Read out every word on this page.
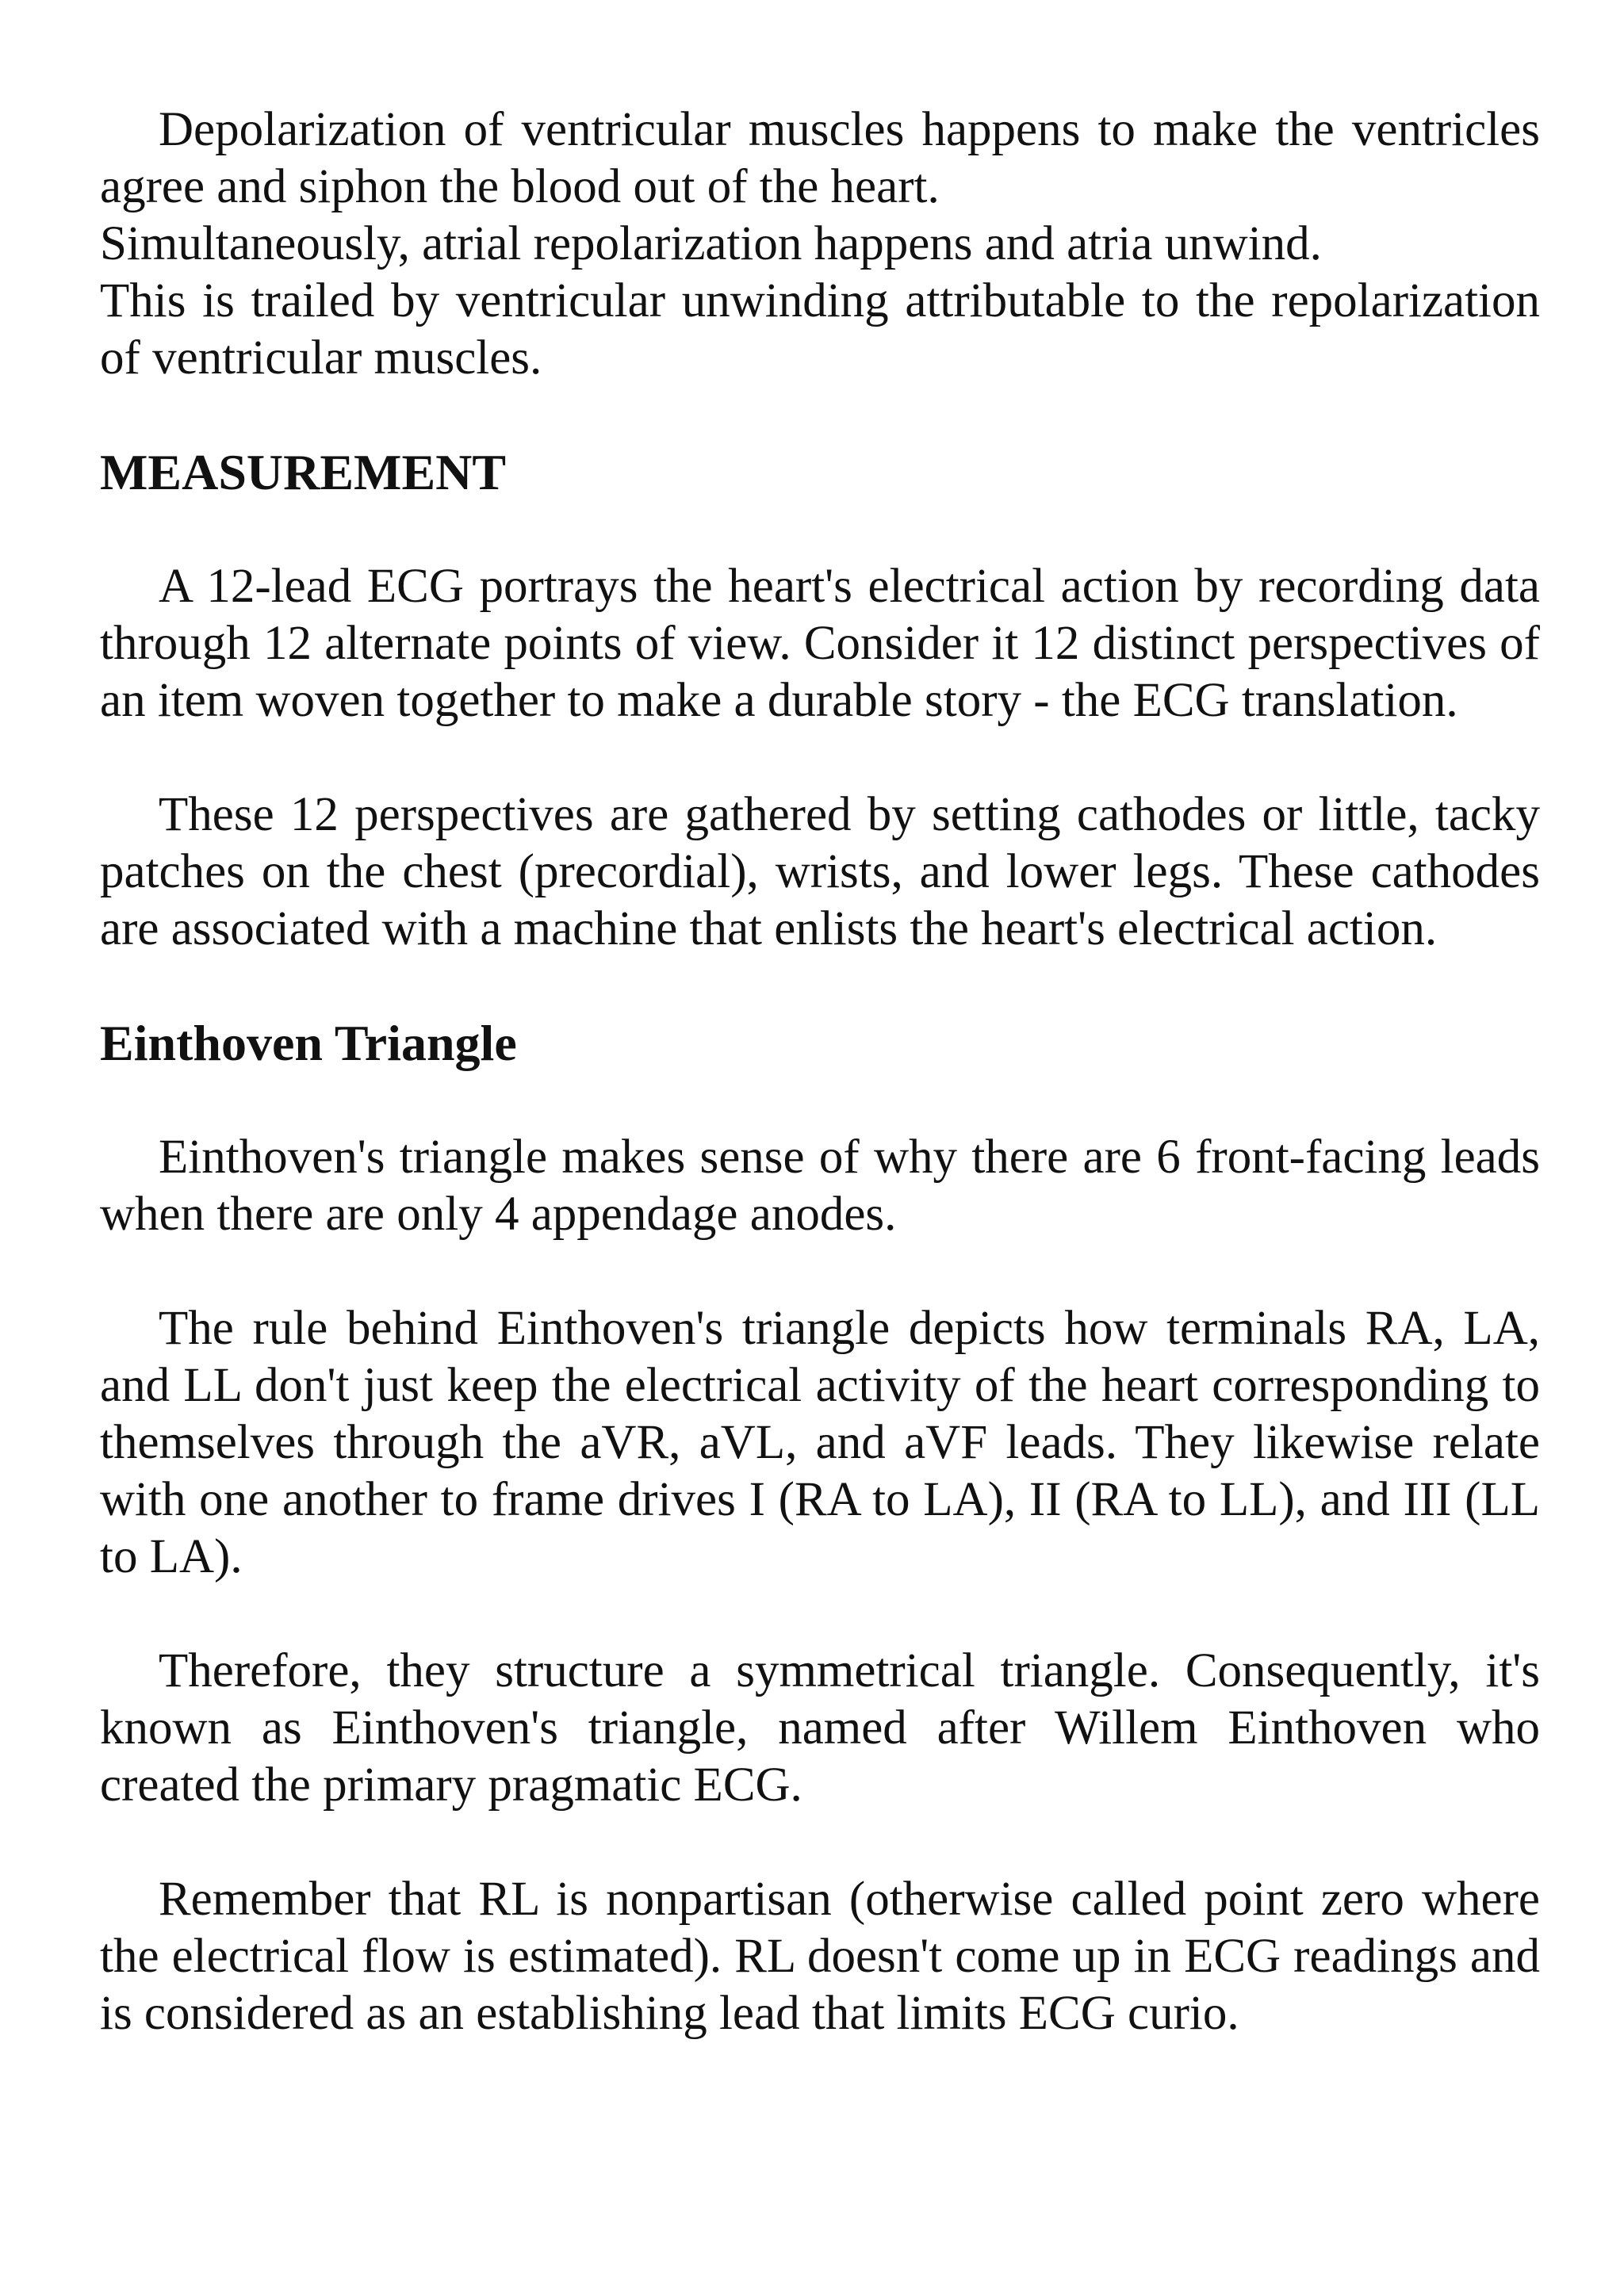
Depolarization of ventricular muscles happens to make the ventricles agree and siphon the blood out of the heart.

Simultaneously, atrial repolarization happens and atria unwind.

This is trailed by ventricular unwinding attributable to the repolarization of ventricular muscles.

MEASUREMENT

A 12-lead ECG portrays the heart's electrical action by recording data through 12 alternate points of view. Consider it 12 distinct perspectives of an item woven together to make a durable story - the ECG translation.

These 12 perspectives are gathered by setting cathodes or little, tacky patches on the chest (precordial), wrists, and lower legs. These cathodes are associated with a machine that enlists the heart's electrical action.

Einthoven Triangle

Einthoven's triangle makes sense of why there are 6 front-facing leads when there are only 4 appendage anodes.

The rule behind Einthoven's triangle depicts how terminals RA, LA, and LL don't just keep the electrical activity of the heart corresponding to themselves through the aVR, aVL, and aVF leads. They likewise relate with one another to frame drives I (RA to LA), II (RA to LL), and III (LL to LA).

Therefore, they structure a symmetrical triangle. Consequently, it's known as Einthoven's triangle, named after Willem Einthoven who created the primary pragmatic ECG.

Remember that RL is nonpartisan (otherwise called point zero where the electrical flow is estimated). RL doesn't come up in ECG readings and is considered as an establishing lead that limits ECG curio.
